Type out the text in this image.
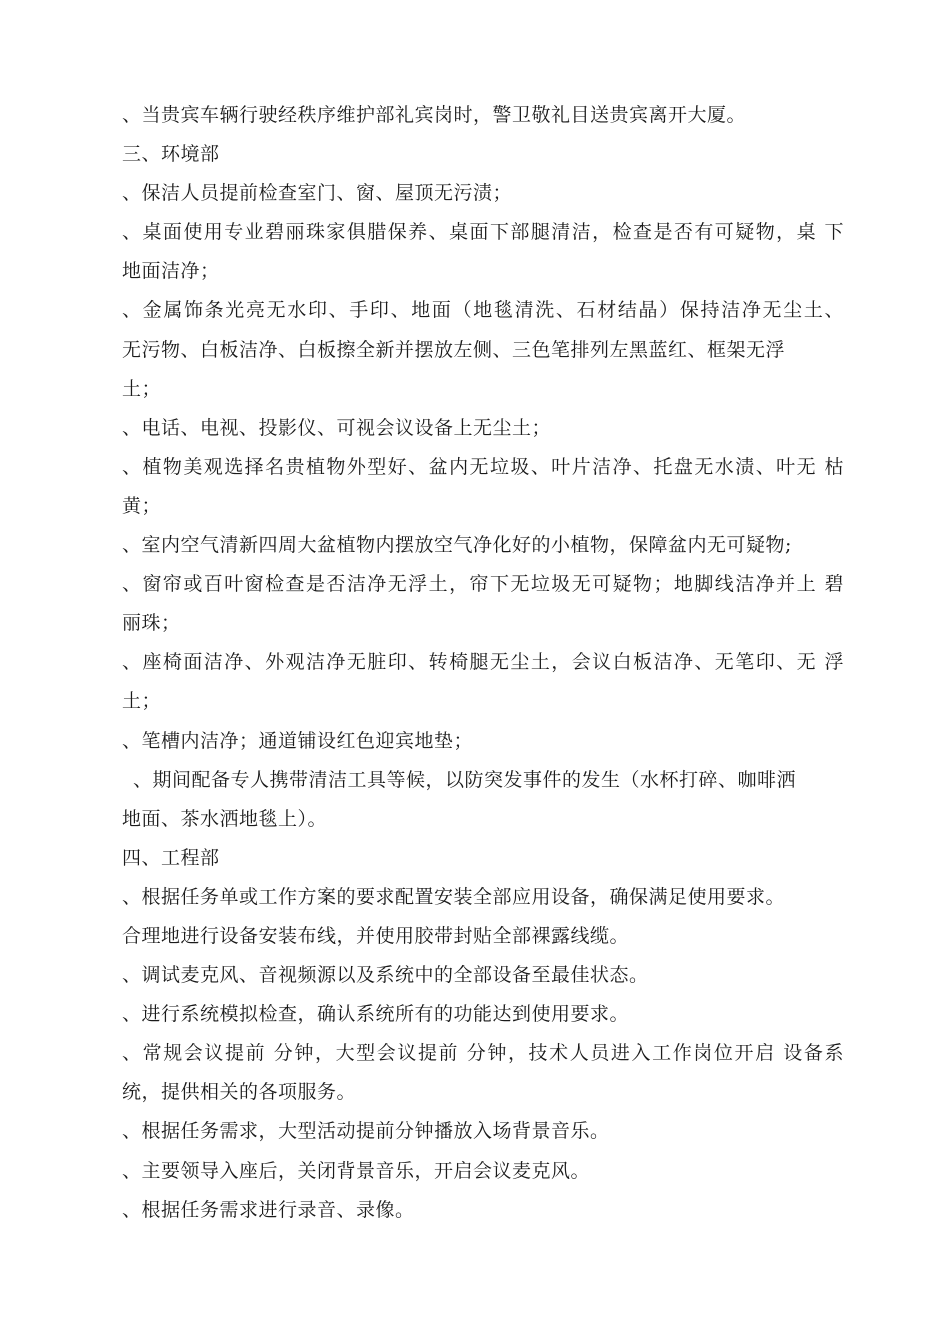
、当贵宾车辆行驶经秩序维护部礼宾岗时，警卫敬礼目送贵宾离开大厦。
三、环境部
、保洁人员提前检查室门、窗、屋顶无污渍；
、桌面使用专业碧丽珠家俱腊保养、桌面下部腿清洁，检查是否有可疑物，桌 下
地面洁净；
、金属饰条光亮无水印、手印、地面（地毯清洗、石材结晶）保持洁净无尘土、
无污物、白板洁净、白板擦全新并摆放左侧、三色笔排列左黑蓝红、框架无浮
土；
、电话、电视、投影仪、可视会议设备上无尘土；
、植物美观选择名贵植物外型好、盆内无垃圾、叶片洁净、托盘无水渍、叶无 枯
黄；
、室内空气清新四周大盆植物内摆放空气净化好的小植物，保障盆内无可疑物;
、窗帘或百叶窗检查是否洁净无浮土，帘下无垃圾无可疑物；地脚线洁净并上 碧
丽珠；
、座椅面洁净、外观洁净无脏印、转椅腿无尘土，会议白板洁净、无笔印、无 浮
土；
、笔槽内洁净；通道铺设红色迎宾地垫；
、期间配备专人携带清洁工具等候，以防突发事件的发生（水杯打碎、咖啡洒
地面、茶水洒地毯上）。
四、工程部
、根据任务单或工作方案的要求配置安装全部应用设备，确保满足使用要求。
合理地进行设备安装布线，并使用胶带封贴全部裸露线缆。
、调试麦克风、音视频源以及系统中的全部设备至最佳状态。
、进行系统模拟检查，确认系统所有的功能达到使用要求。
、常规会议提前 分钟，大型会议提前 分钟，技术人员进入工作岗位开启 设备系
统，提供相关的各项服务。
、根据任务需求，大型活动提前分钟播放入场背景音乐。
、主要领导入座后，关闭背景音乐，开启会议麦克风。
、根据任务需求进行录音、录像。
